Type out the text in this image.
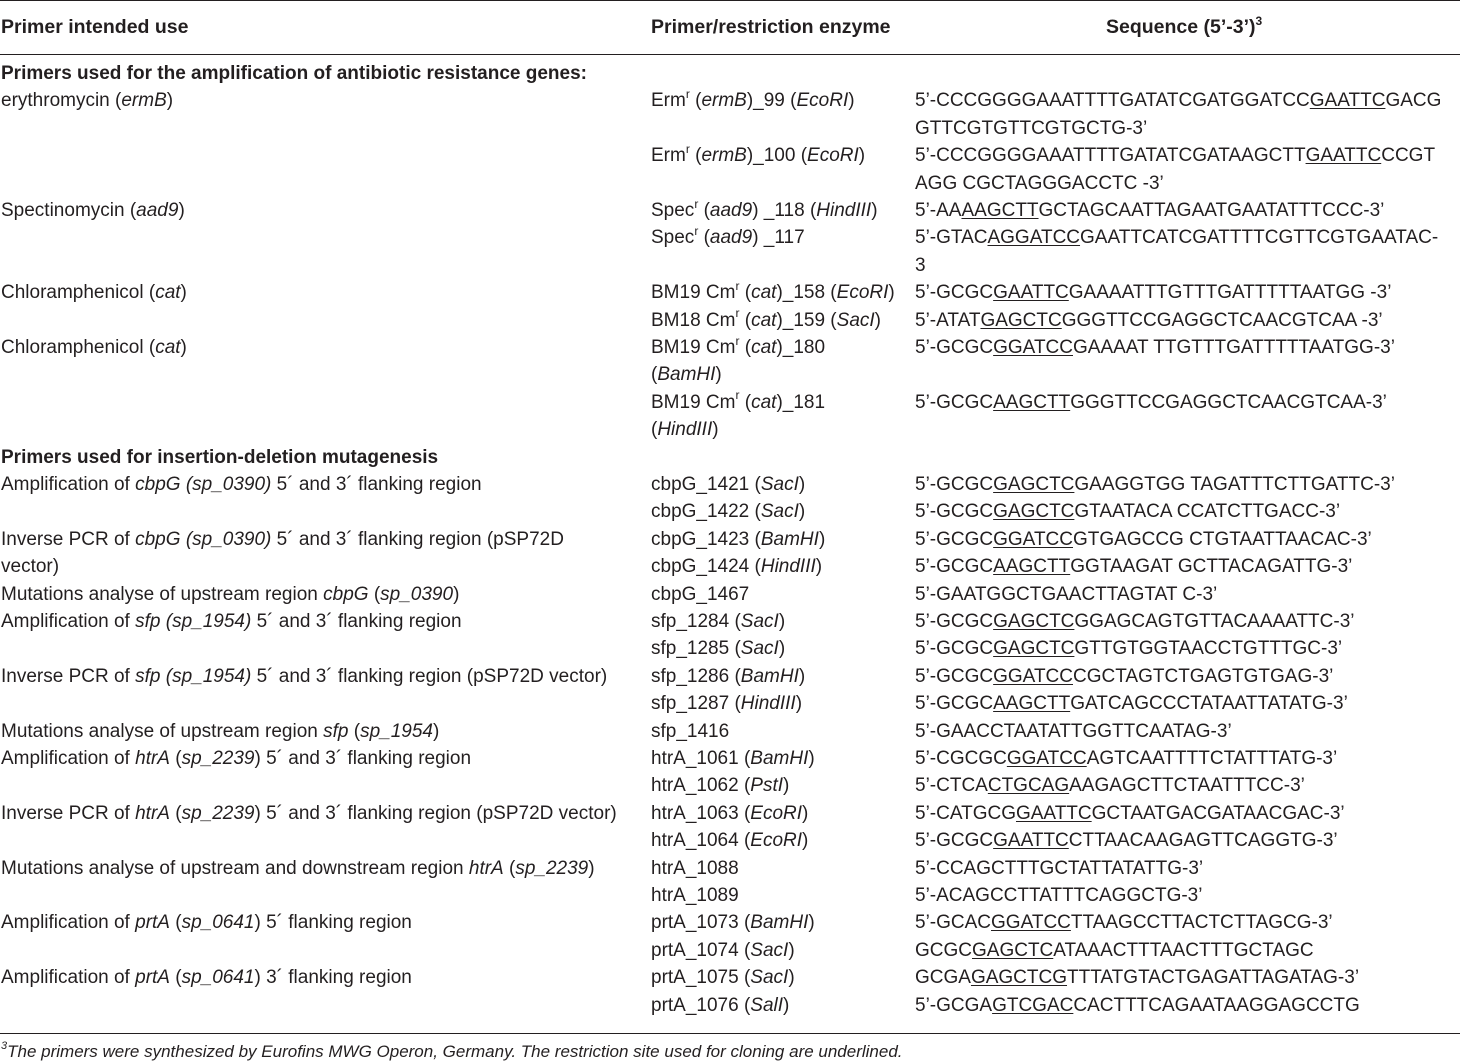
Primer intended use	Primer/restriction enzyme	Sequence (5’-3’)$^3$
Primers used for the amplification of antibiotic resistance genes:
erythromycin (ermB)	Erm$^r$ (ermB)_99 (EcoRI)	5’-CCCGGGGAAATTTTGATATCGATGGATCCGAATTCGACG
GTTCGTGTTCGTGCTG-3’
Erm$^r$ (ermB)_100 (EcoRI)	5’-CCCGGGGAAATTTTGATATCGATAAGCTTGAATTCCCGT
AGG CGCTAGGGACCTC -3’
Spectinomycin (aad9)	Spec$^r$ (aad9) _118 (HindIII) 5’-AAAAGCTTGCTAGCAATTAGAATGAATATTTCCC-3’
Spec$^r$ (aad9) _117	5’-GTACAGGATCCGAATTCATCGATTTTCGTTCGTGAATAC-
3
Chloramphenicol (cat)	BM19 Cm$^r$ (cat)_158 (EcoRI) 5’-GCGCGAATTCGAAAATTTGTTTGATTTTTAATGG -3’
BM18 Cm$^r$ (cat)_159 (SacI) 5’-ATATGAGCTCGGGTTCCGAGGCTCAACGTCAA -3’
Chloramphenicol (cat)	BM19 Cm$^r$ (cat)_180	5’-GCGCGGATCCGAAAAT TTGTTTGATTTTTAATGG-3’
(BamHI)
BM19 Cm$^r$ (cat)_181	5’-GCGCAAGCTTGGGTTCCGAGGCTCAACGTCAA-3’
(HindIII)
Primers used for insertion-deletion mutagenesis
Amplification of cbpG (sp_0390) 5´ and 3´ flanking region	cbpG_1421 (SacI)	5’-GCGCGAGCTCGAAGGTGG TAGATTTCTTGATTC-3’
cbpG_1422 (SacI)	5’-GCGCGAGCTCGTAATACA CCATCTTGACC-3’
Inverse PCR of cbpG (sp_0390) 5´ and 3´ flanking region (pSP72D	cbpG_1423 (BamHI)	5’-GCGCGGATCCGTGAGCCG CTGTAATTAACAC-3’
vector)	cbpG_1424 (HindIII)	5’-GCGCAAGCTTGGTAAGAT GCTTACAGATTG-3’
Mutations analyse of upstream region cbpG (sp_0390)	cbpG_1467	5’-GAATGGCTGAACTTAGTAT C-3’
Amplification of sfp (sp_1954) 5´ and 3´ flanking region	sfp_1284 (SacI)	5’-GCGCGAGCTCGGAGCAGTGTTACAAAATTC-3’
sfp_1285 (SacI)	5’-GCGCGAGCTCGTTGTGGTAACCTGTTTGC-3’
Inverse PCR of sfp (sp_1954) 5´ and 3´ flanking region (pSP72D vector) sfp_1286 (BamHI)	5’-GCGCGGATCCCGCTAGTCTGAGTGTGAG-3’
sfp_1287 (HindIII)	5’-GCGCAAGCTTGATCAGCCCTATAATTATATG-3’
Mutations analyse of upstream region sfp (sp_1954)	sfp_1416	5’-GAACCTAATATTGGTTCAATAG-3’
Amplification of htrA (sp_2239) 5´ and 3´ flanking region	htrA_1061 (BamHI)	5’-CGCGCGGATCCAGTCAATTTTCTATTTATG-3’
htrA_1062 (PstI)	5’-CTCACTGCAGAAGAGCTTCTAATTTCC-3’
Inverse PCR of htrA (sp_2239) 5´ and 3´ flanking region (pSP72D vector) htrA_1063 (EcoRI)	5’-CATGCGGAATTCGCTAATGACGATAACGAC-3’
htrA_1064 (EcoRI)	5’-GCGCGAATTCCTTAACAAGAGTTCAGGTG-3’
Mutations analyse of upstream and downstream region htrA (sp_2239)	htrA_1088	5’-CCAGCTTTGCTATTATATTG-3’
htrA_1089	5’-ACAGCCTTATTTCAGGCTG-3’
Amplification of prtA (sp_0641) 5´ flanking region	prtA_1073 (BamHI)	5’-GCACGGATCCTTAAGCCTTACTCTTAGCG-3’
prtA_1074 (SacI)	GCGCGAGCTCATAAACTTTAACTTTGCTAGC
Amplification of prtA (sp_0641) 3´ flanking region	prtA_1075 (SacI)	GCGAGAGCTCGTTTATGTACTGAGATTAGATAG-3’
prtA_1076 (SalI)	5’-GCGAGTCGACCACTTTCAGAATAAGGAGCCTG
$^3$The primers were synthesized by Eurofins MWG Operon, Germany. The restriction site used for cloning are underlined.
